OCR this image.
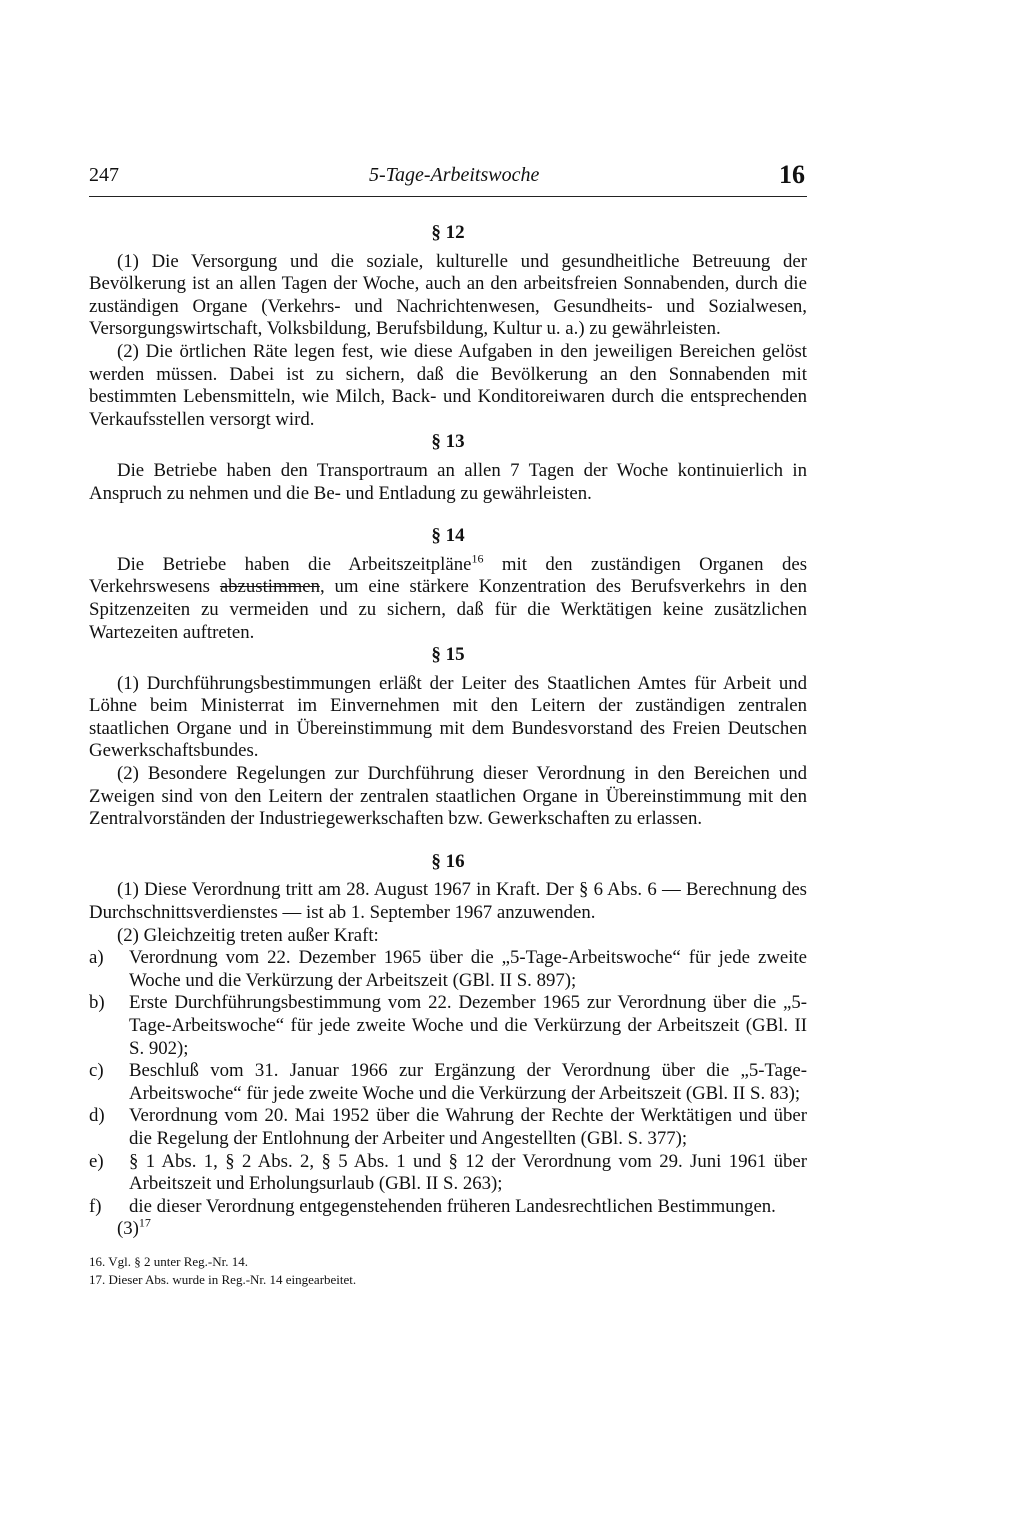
247	5-Tage-Arbeitswoche	16

§ 12

(1) Die Versorgung und die soziale, kulturelle und gesundheitliche Betreuung der Bevölkerung ist an allen Tagen der Woche, auch an den arbeitsfreien Sonnabenden, durch die zuständigen Organe (Verkehrs- und Nachrichtenwesen, Gesundheits- und Sozialwesen, Versorgungswirtschaft, Volksbildung, Berufsbildung, Kultur u. a.) zu gewährleisten.

(2) Die örtlichen Räte legen fest, wie diese Aufgaben in den jeweiligen Bereichen gelöst werden müssen. Dabei ist zu sichern, daß die Bevölkerung an den Sonnabenden mit bestimmten Lebensmitteln, wie Milch, Back- und Konditoreiwaren durch die entsprechenden Verkaufsstellen versorgt wird.

§ 13

Die Betriebe haben den Transportraum an allen 7 Tagen der Woche kontinuierlich in Anspruch zu nehmen und die Be- und Entladung zu gewährleisten.

§ 14

Die Betriebe haben die Arbeitszeitpläne$^{16}$ mit den zuständigen Organen des Verkehrswesens abzustimmen, um eine stärkere Konzentration des Berufsverkehrs in den Spitzenzeiten zu vermeiden und zu sichern, daß für die Werktätigen keine zusätzlichen Wartezeiten auftreten.

§ 15

(1) Durchführungsbestimmungen erläßt der Leiter des Staatlichen Amtes für Arbeit und Löhne beim Ministerrat im Einvernehmen mit den Leitern der zuständigen zentralen staatlichen Organe und in Übereinstimmung mit dem Bundesvorstand des Freien Deutschen Gewerkschaftsbundes.

(2) Besondere Regelungen zur Durchführung dieser Verordnung in den Bereichen und Zweigen sind von den Leitern der zentralen staatlichen Organe in Übereinstimmung mit den Zentralvorständen der Industriegewerkschaften bzw. Gewerkschaften zu erlassen.

§ 16

(1) Diese Verordnung tritt am 28. August 1967 in Kraft. Der § 6 Abs. 6 — Berechnung des Durchschnittsverdienstes — ist ab 1. September 1967 anzuwenden.

(2) Gleichzeitig treten außer Kraft:

a) Verordnung vom 22. Dezember 1965 über die „5-Tage-Arbeitswoche“ für jede zweite Woche und die Verkürzung der Arbeitszeit (GBl. II S. 897);
b) Erste Durchführungsbestimmung vom 22. Dezember 1965 zur Verordnung über die „5-Tage-Arbeitswoche“ für jede zweite Woche und die Verkürzung der Arbeitszeit (GBl. II S. 902);
c) Beschluß vom 31. Januar 1966 zur Ergänzung der Verordnung über die „5-Tage-Arbeitswoche“ für jede zweite Woche und die Verkürzung der Arbeitszeit (GBl. II S. 83);
d) Verordnung vom 20. Mai 1952 über die Wahrung der Rechte der Werktätigen und über die Regelung der Entlohnung der Arbeiter und Angestellten (GBl. S. 377);
e) § 1 Abs. 1, § 2 Abs. 2, § 5 Abs. 1 und § 12 der Verordnung vom 29. Juni 1961 über Arbeitszeit und Erholungsurlaub (GBl. II S. 263);
f) die dieser Verordnung entgegenstehenden früheren Landesrechtlichen Bestimmungen.

$(3)^{17}$

16. Vgl. § 2 unter Reg.-Nr. 14.

17. Dieser Abs. wurde in Reg.-Nr. 14 eingearbeitet.
